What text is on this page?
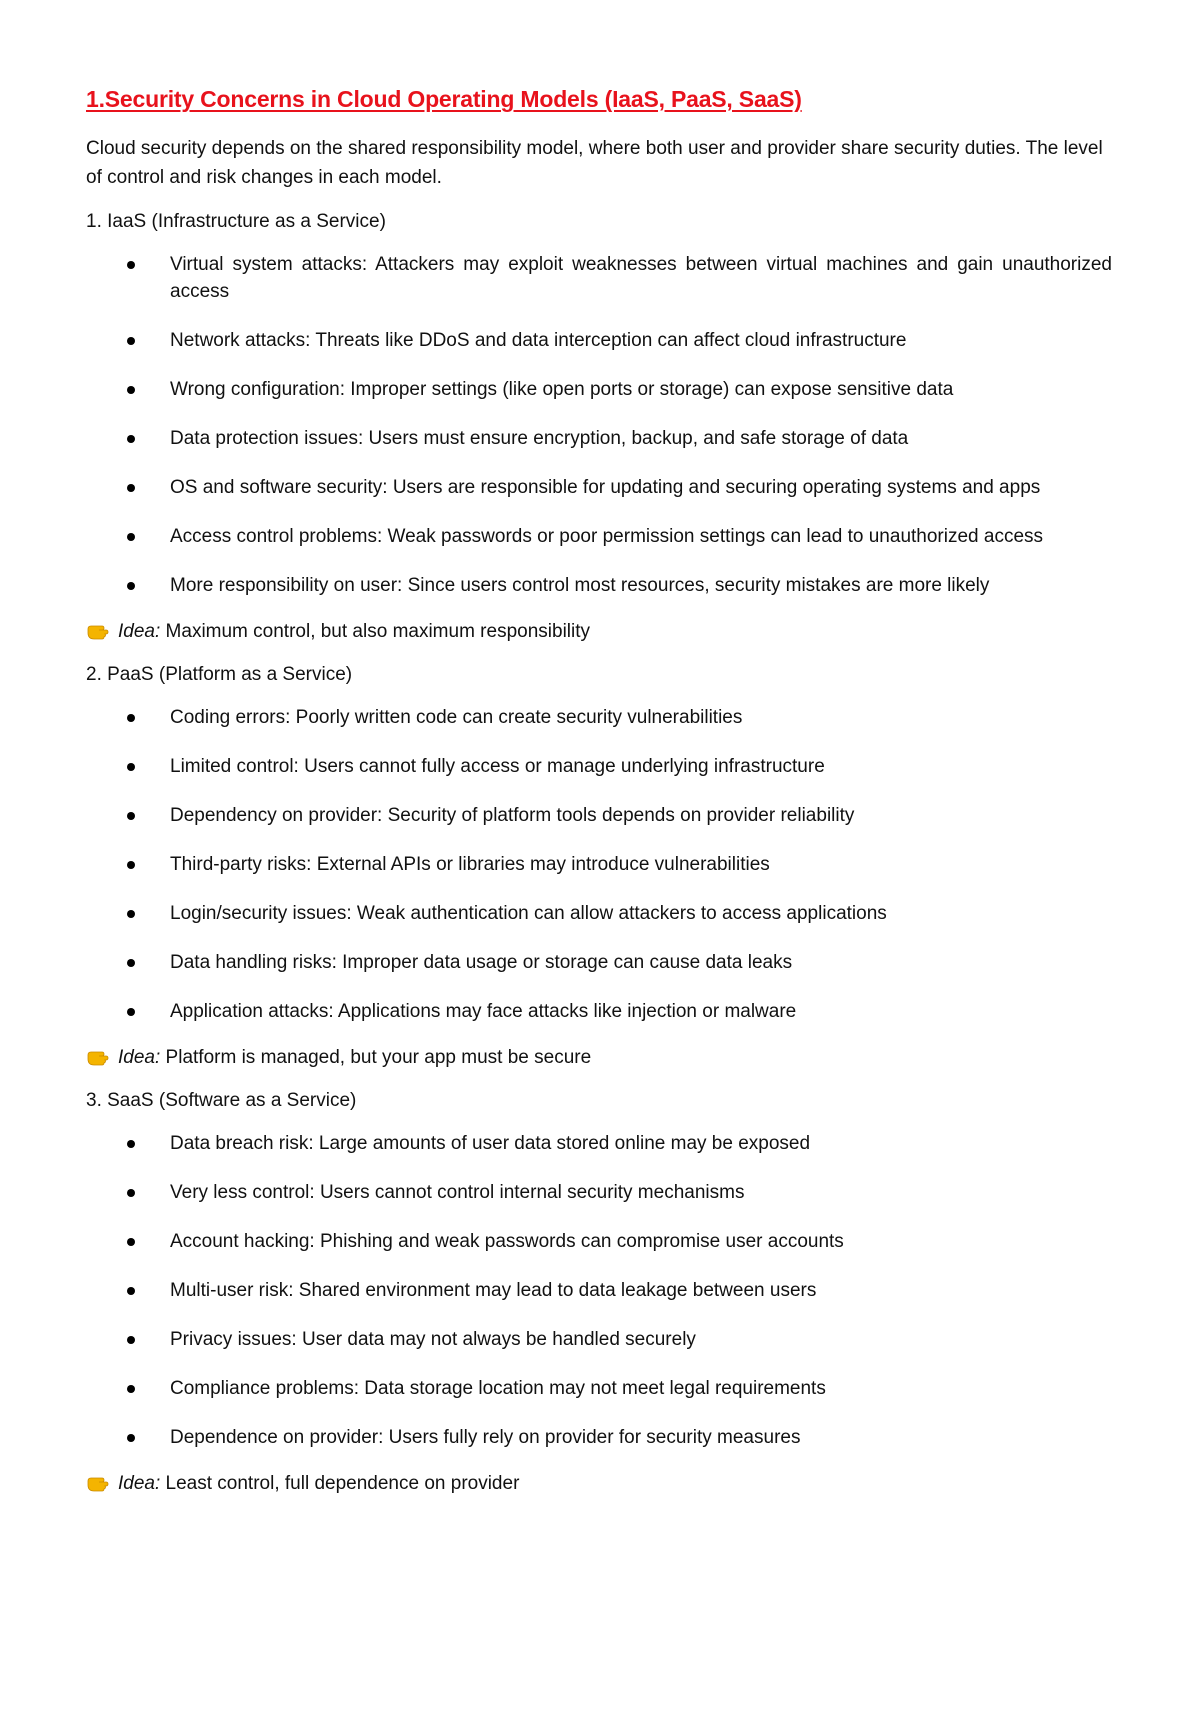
1.Security Concerns in Cloud Operating Models (IaaS, PaaS, SaaS)
Cloud security depends on the shared responsibility model, where both user and provider share security duties. The level of control and risk changes in each model.
1. IaaS (Infrastructure as a Service)
Virtual system attacks: Attackers may exploit weaknesses between virtual machines and gain unauthorized access
Network attacks: Threats like DDoS and data interception can affect cloud infrastructure
Wrong configuration: Improper settings (like open ports or storage) can expose sensitive data
Data protection issues: Users must ensure encryption, backup, and safe storage of data
OS and software security: Users are responsible for updating and securing operating systems and apps
Access control problems: Weak passwords or poor permission settings can lead to unauthorized access
More responsibility on user: Since users control most resources, security mistakes are more likely
Idea: Maximum control, but also maximum responsibility
2. PaaS (Platform as a Service)
Coding errors: Poorly written code can create security vulnerabilities
Limited control: Users cannot fully access or manage underlying infrastructure
Dependency on provider: Security of platform tools depends on provider reliability
Third-party risks: External APIs or libraries may introduce vulnerabilities
Login/security issues: Weak authentication can allow attackers to access applications
Data handling risks: Improper data usage or storage can cause data leaks
Application attacks: Applications may face attacks like injection or malware
Idea: Platform is managed, but your app must be secure
3. SaaS (Software as a Service)
Data breach risk: Large amounts of user data stored online may be exposed
Very less control: Users cannot control internal security mechanisms
Account hacking: Phishing and weak passwords can compromise user accounts
Multi-user risk: Shared environment may lead to data leakage between users
Privacy issues: User data may not always be handled securely
Compliance problems: Data storage location may not meet legal requirements
Dependence on provider: Users fully rely on provider for security measures
Idea: Least control, full dependence on provider
